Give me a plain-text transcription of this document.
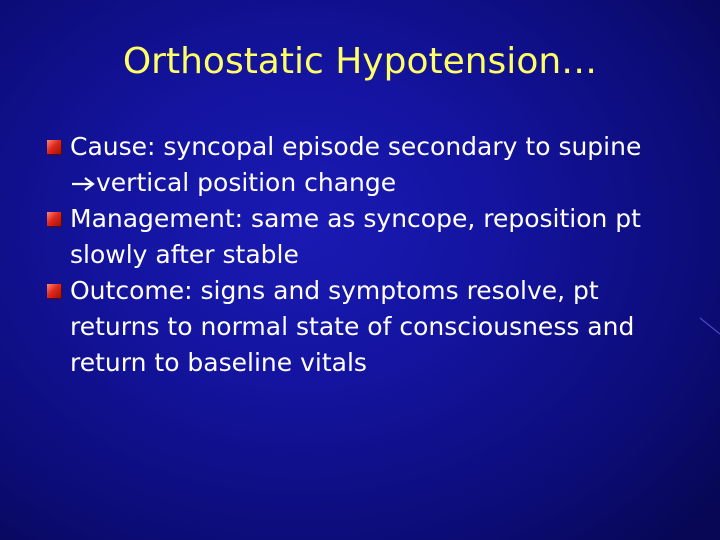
Orthostatic Hypotension…
Cause: syncopal episode secondary to supinevertical position change
Management: same as syncope, reposition pt slowly after stable
Outcome: signs and symptoms resolve, pt returns to normal state of consciousness and return to baseline vitals
